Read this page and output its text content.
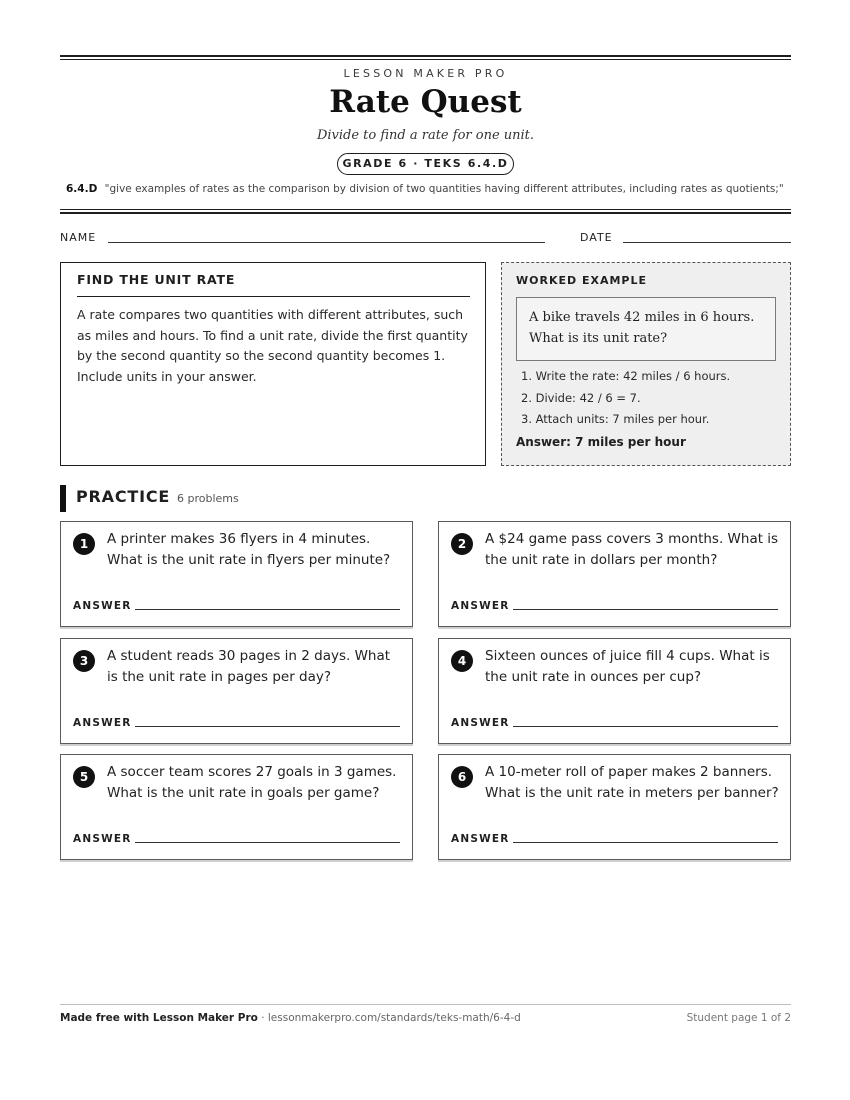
LESSON MAKER PRO
Rate Quest
Divide to find a rate for one unit.
GRADE 6 · TEKS 6.4.D
6.4.D "give examples of rates as the comparison by division of two quantities having different attributes, including rates as quotients;"
NAME	DATE
FIND THE UNIT RATE

A rate compares two quantities with different attributes, such as miles and hours. To find a unit rate, divide the first quantity by the second quantity so the second quantity becomes 1. Include units in your answer.

WORKED EXAMPLE
A bike travels 42 miles in 6 hours. What is its unit rate?
1. Write the rate: 42 miles / 6 hours.
2. Divide: 42 / 6 = 7.
3. Attach units: 7 miles per hour.
Answer: 7 miles per hour
PRACTICE 6 problems
1	A printer makes 36 flyers in 4 minutes. What is the unit rate in flyers per minute?
ANSWER
2	A $24 game pass covers 3 months. What is the unit rate in dollars per month?
ANSWER
3	A student reads 30 pages in 2 days. What is the unit rate in pages per day?
ANSWER
4	Sixteen ounces of juice fill 4 cups. What is the unit rate in ounces per cup?
ANSWER
5	A soccer team scores 27 goals in 3 games. What is the unit rate in goals per game?
ANSWER
6	A 10-meter roll of paper makes 2 banners. What is the unit rate in meters per banner?
ANSWER
Made free with Lesson Maker Pro · lessonmakerpro.com/standards/teks-math/6-4-d	Student page 1 of 2
